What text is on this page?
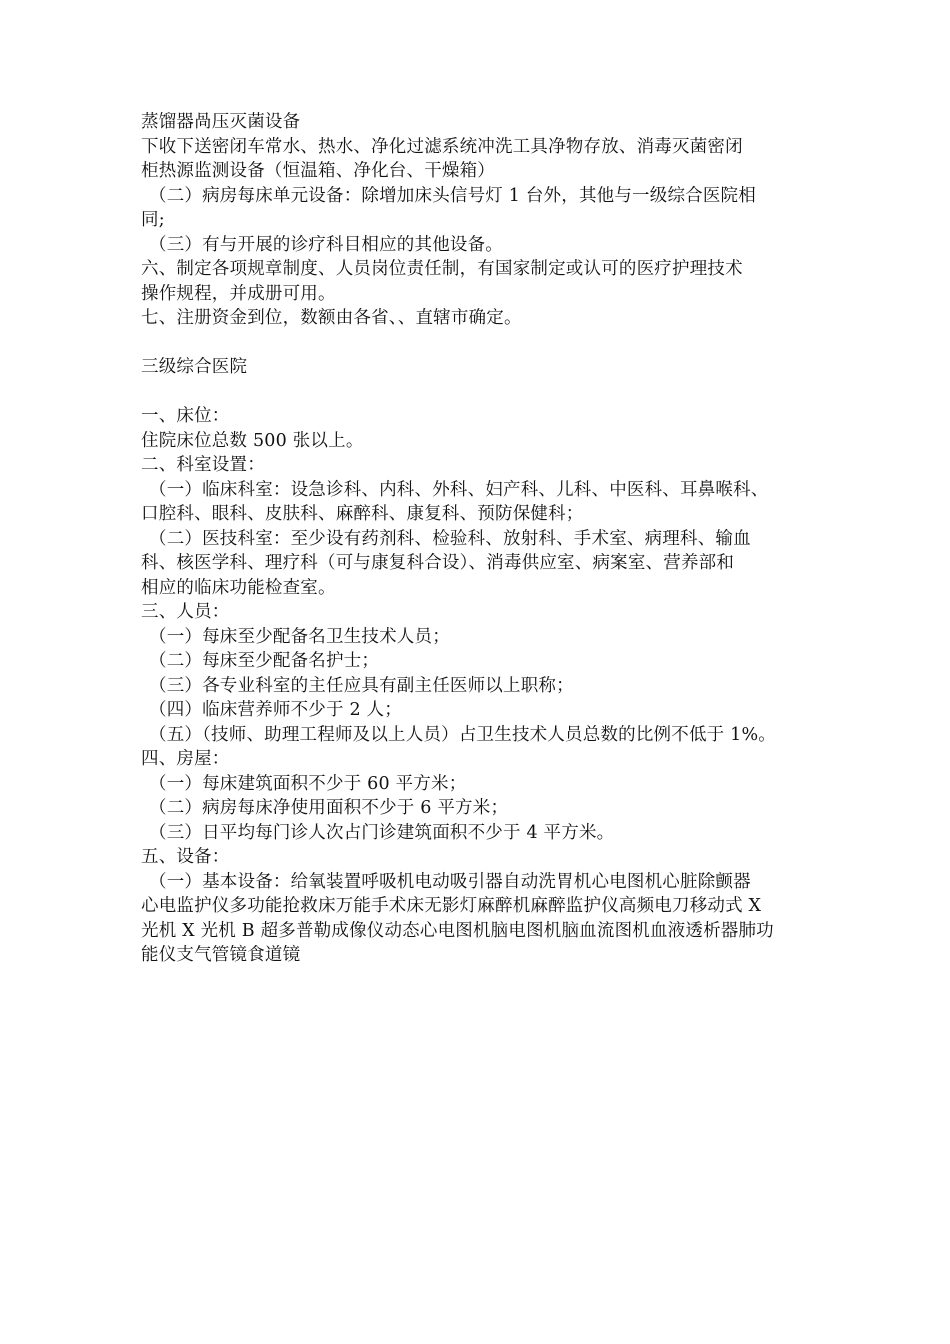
蒸馏器咼压灭菌设备
下收下送密闭车常水、热水、净化过滤系统冲洗工具净物存放、消毒灭菌密闭
柜热源监测设备（恒温箱、净化台、干燥箱）
（二）病房每床单元设备：除增加床头信号灯 1 台外，其他与一级综合医院相
同;
（三）有与开展的诊疗科目相应的其他设备。
六、制定各项规章制度、人员岗位责任制，有国家制定或认可的医疗护理技术
操作规程，并成册可用。
七、注册资金到位，数额由各省、、直辖市确定。
三级综合医院
一、床位：
住院床位总数 500 张以上。
二、科室设置：
（一）临床科室：设急诊科、内科、外科、妇产科、儿科、中医科、耳鼻喉科、
口腔科、眼科、皮肤科、麻醉科、康复科、预防保健科；
（二）医技科室：至少设有药剂科、检验科、放射科、手术室、病理科、输血
科、核医学科、理疗科（可与康复科合设）、消毒供应室、病案室、营养部和
相应的临床功能检查室。
三、人员：
（一）每床至少配备名卫生技术人员；
（二）每床至少配备名护士；
（三）各专业科室的主任应具有副主任医师以上职称；
（四）临床营养师不少于 2 人；
（五）（技师、助理工程师及以上人员）占卫生技术人员总数的比例不低于 1%。
四、房屋：
（一）每床建筑面积不少于 60 平方米；
（二）病房每床净使用面积不少于 6 平方米；
（三）日平均每门诊人次占门诊建筑面积不少于 4 平方米。
五、设备：
（一）基本设备：给氧装置呼吸机电动吸引器自动洗胃机心电图机心脏除颤器
心电监护仪多功能抢救床万能手术床无影灯麻醉机麻醉监护仪高频电刀移动式 X
光机 X 光机 B 超多普勒成像仪动态心电图机脑电图机脑血流图机血液透析器肺功
能仪支气管镜食道镜
